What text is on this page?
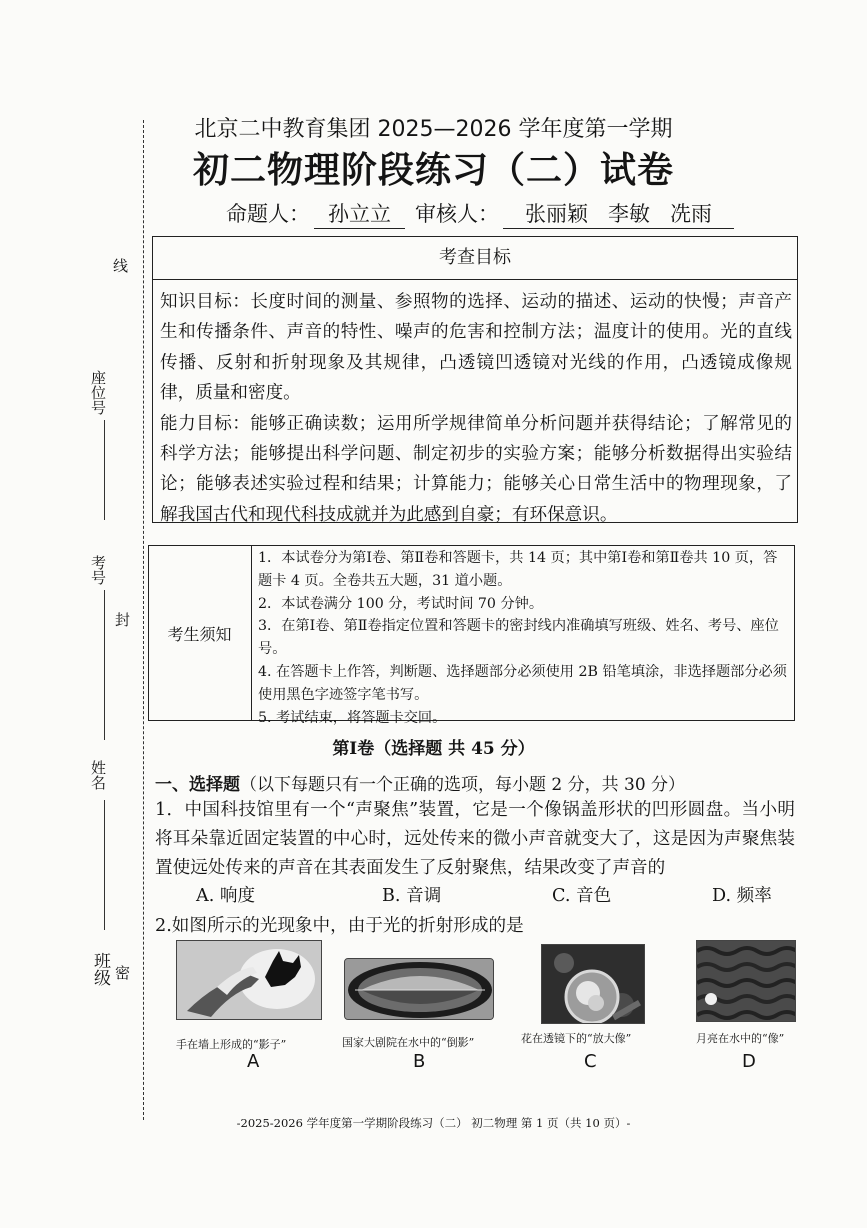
北京二中教育集团 2025—2026 学年度第一学期
初二物理阶段练习（二）试卷
命题人： 孙立立 审核人： 张丽颖   李敏   冼雨
线
座位号
考号
封
姓名
班级 密
考查目标

知识目标：长度时间的测量、参照物的选择、运动的描述、运动的快慢；声音产生和传播条件、声音的特性、噪声的危害和控制方法；温度计的使用。光的直线传播、反射和折射现象及其规律，凸透镜凹透镜对光线的作用，凸透镜成像规律，质量和密度。

能力目标：能够正确读数；运用所学规律简单分析问题并获得结论；了解常见的科学方法；能够提出科学问题、制定初步的实验方案；能够分析数据得出实验结论；能够表述实验过程和结果；计算能力；能够关心日常生活中的物理现象，了解我国古代和现代科技成就并为此感到自豪；有环保意识。

考生须知
1．本试卷分为第Ⅰ卷、第Ⅱ卷和答题卡，共 14 页；其中第Ⅰ卷和第Ⅱ卷共 10 页，答题卡 4 页。全卷共五大题，31 道小题。
2．本试卷满分 100 分，考试时间 70 分钟。
3．在第Ⅰ卷、第Ⅱ卷指定位置和答题卡的密封线内准确填写班级、姓名、考号、座位号。
4. 在答题卡上作答，判断题、选择题部分必须使用 2B 铅笔填涂，非选择题部分必须使用黑色字迹签字笔书写。
5. 考试结束，将答题卡交回。
第Ⅰ卷（选择题 共 45 分）
一、选择题（以下每题只有一个正确的选项，每小题 2 分，共 30 分）
1．中国科技馆里有一个“声聚焦”装置，它是一个像锅盖形状的凹形圆盘。当小明将耳朵靠近固定装置的中心时，远处传来的微小声音就变大了，这是因为声聚焦装置使远处传来的声音在其表面发生了反射聚焦，结果改变了声音的
A. 响度	B. 音调	C. 音色	D. 频率
2.如图所示的光现象中，由于光的折射形成的是
手在墙上形成的“影子”
A
国家大剧院在水中的“倒影”
B
花在透镜下的“放大像”
C
月亮在水中的“像”
D
-2025-2026 学年度第一学期阶段练习（二） 初二物理 第 1 页（共 10 页）-
